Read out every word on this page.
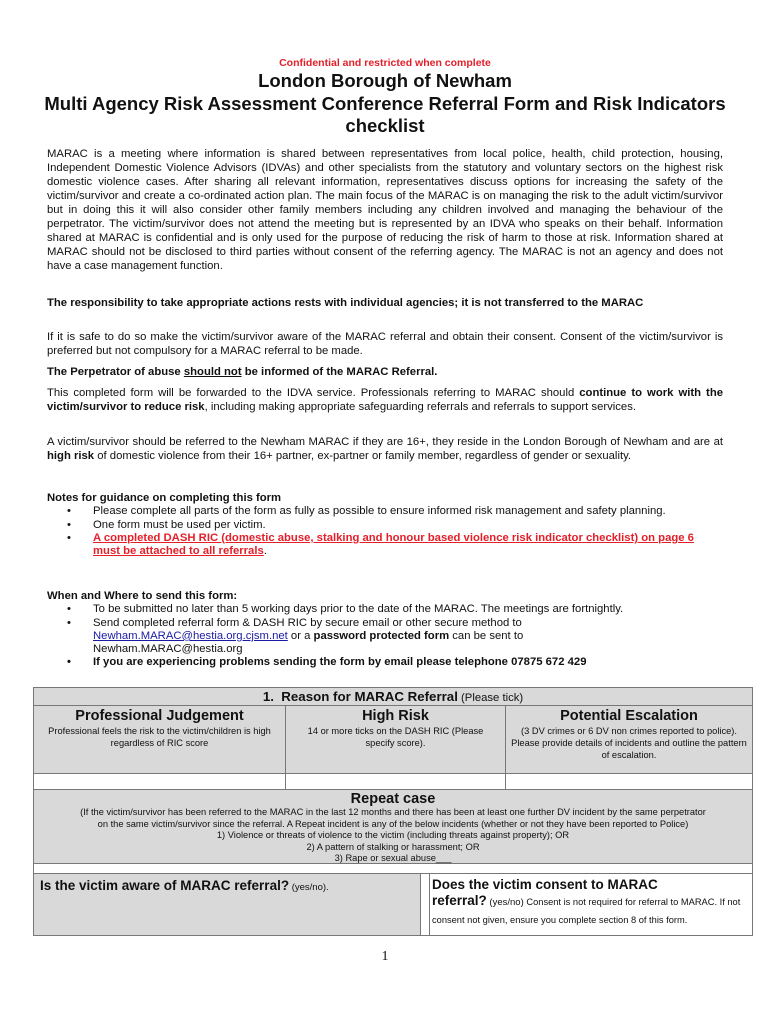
Confidential and restricted when complete
London Borough of Newham
Multi Agency Risk Assessment Conference Referral Form and Risk Indicators checklist
MARAC is a meeting where information is shared between representatives from local police, health, child protection, housing, Independent Domestic Violence Advisors (IDVAs) and other specialists from the statutory and voluntary sectors on the highest risk domestic violence cases. After sharing all relevant information, representatives discuss options for increasing the safety of the victim/survivor and create a co-ordinated action plan. The main focus of the MARAC is on managing the risk to the adult victim/survivor but in doing this it will also consider other family members including any children involved and managing the behaviour of the perpetrator. The victim/survivor does not attend the meeting but is represented by an IDVA who speaks on their behalf. Information shared at MARAC is confidential and is only used for the purpose of reducing the risk of harm to those at risk. Information shared at MARAC should not be disclosed to third parties without consent of the referring agency. The MARAC is not an agency and does not have a case management function.
The responsibility to take appropriate actions rests with individual agencies; it is not transferred to the MARAC
If it is safe to do so make the victim/survivor aware of the MARAC referral and obtain their consent. Consent of the victim/survivor is preferred but not compulsory for a MARAC referral to be made.
The Perpetrator of abuse should not be informed of the MARAC Referral.
This completed form will be forwarded to the IDVA service. Professionals referring to MARAC should continue to work with the victim/survivor to reduce risk, including making appropriate safeguarding referrals and referrals to support services.
A victim/survivor should be referred to the Newham MARAC if they are 16+, they reside in the London Borough of Newham and are at high risk of domestic violence from their 16+ partner, ex-partner or family member, regardless of gender or sexuality.
Notes for guidance on completing this form
• Please complete all parts of the form as fully as possible to ensure informed risk management and safety planning.
• One form must be used per victim.
• A completed DASH RIC (domestic abuse, stalking and honour based violence risk indicator checklist) on page 6 must be attached to all referrals.
When and Where to send this form:
• To be submitted no later than 5 working days prior to the date of the MARAC. The meetings are fortnightly.
• Send completed referral form & DASH RIC by secure email or other secure method to
Newham.MARAC@hestia.org.cjsm.net or a password protected form can be sent to
Newham.MARAC@hestia.org
• If you are experiencing problems sending the form by email please telephone 07875 672 429
1. Reason for MARAC Referral (Please tick)
Professional Judgement
Professional feels the risk to the victim/children is high regardless of RIC score
High Risk
14 or more ticks on the DASH RIC (Please specify score).
Potential Escalation
(3 DV crimes or 6 DV non crimes reported to police).
Please provide details of incidents and outline the pattern of escalation.
Repeat case
(If the victim/survivor has been referred to the MARAC in the last 12 months and there has been at least one further DV incident by the same perpetrator
on the same victim/survivor since the referral. A Repeat incident is any of the below incidents (whether or not they have been reported to Police)
1) Violence or threats of violence to the victim (including threats against property); OR
2) A pattern of stalking or harassment; OR
3) Rape or sexual abuse___
Is the victim aware of MARAC referral? (yes/no).	Does the victim consent to MARAC
referral? (yes/no) Consent is not required for referral to MARAC. If not consent not given, ensure you complete section 8 of this form.
1
